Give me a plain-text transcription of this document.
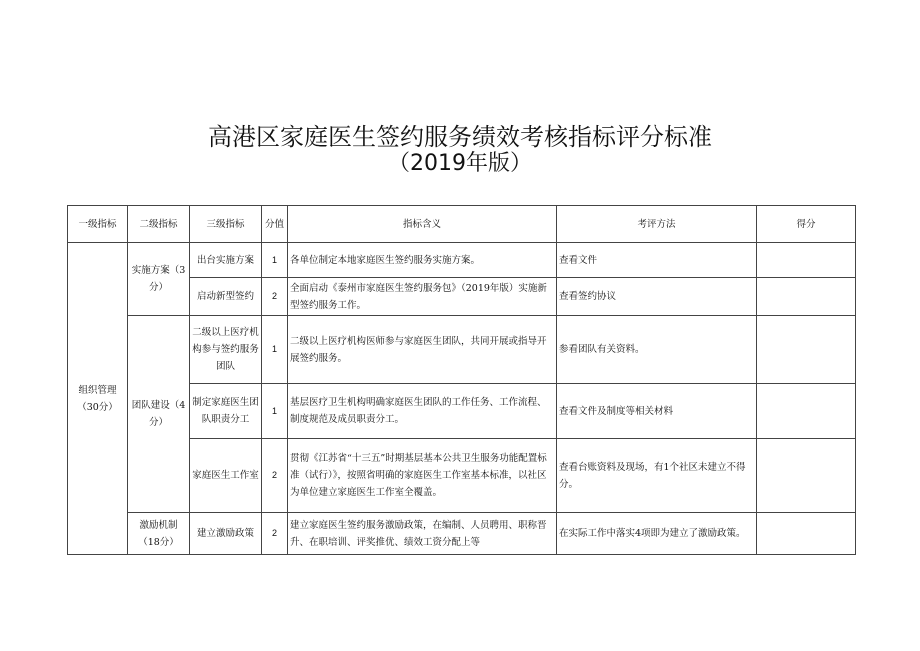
高港区家庭医生签约服务绩效考核指标评分标准
（2019年版）
一级指标	二级指标	三级指标	分值	指标含义	考评方法	得分
组织管理（30分）	实施方案（3分）	出台实施方案	1	各单位制定本地家庭医生签约服务实施方案。	查看文件	
		启动新型签约	2	全面启动《泰州市家庭医生签约服务包》（2019年版）实施新型签约服务工作。	查看签约协议	
	团队建设（4分）	二级以上医疗机构参与签约服务团队	1	二级以上医疗机构医师参与家庭医生团队，共同开展或指导开展签约服务。	参看团队有关资料。	
		制定家庭医生团队职责分工	1	基层医疗卫生机构明确家庭医生团队的工作任务、工作流程、制度规范及成员职责分工。	查看文件及制度等相关材料	
		家庭医生工作室	2	贯彻《江苏省“十三五”时期基层基本公共卫生服务功能配置标准（试行）》，按照省明确的家庭医生工作室基本标准，以社区为单位建立家庭医生工作室全覆盖。	查看台账资料及现场，有1个社区未建立不得分。	
	激励机制（18分）	建立激励政策	2	建立家庭医生签约服务激励政策，在编制、人员聘用、职称晋升、在职培训、评奖推优、绩效工资分配上等	在实际工作中落实4项即为建立了激励政策。	
